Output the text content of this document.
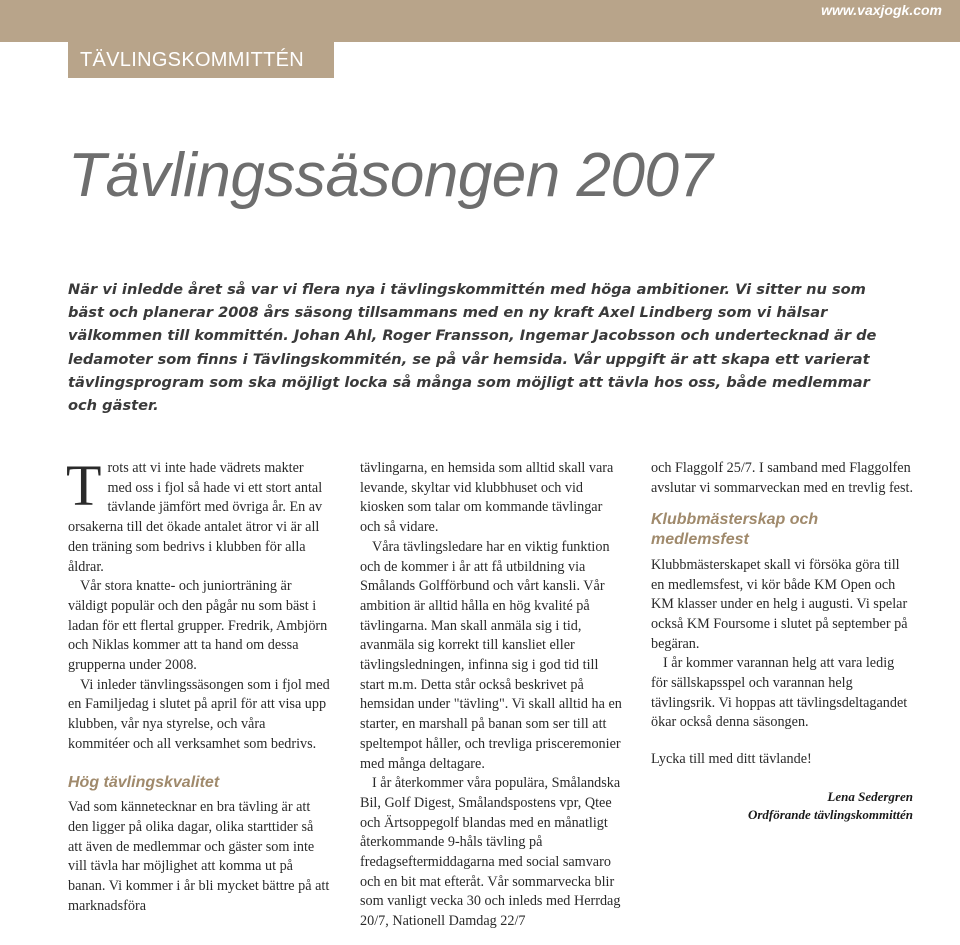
www.vaxjogk.com
TÄVLINGSKOMMITTÉN
Tävlingssäsongen 2007

När vi inledde året så var vi flera nya i tävlingskommittén med höga ambitioner. Vi sitter nu som bäst och planerar 2008 års säsong tillsammans med en ny kraft Axel Lindberg som vi hälsar välkommen till kommittén. Johan Ahl, Roger Fransson, Ingemar Jacobsson och undertecknad är de ledamoter som finns i Tävlingskommitén, se på vår hemsida. Vår uppgift är att skapa ett varierat tävlingsprogram som ska möjligt locka så många som möjligt att tävla hos oss, både medlemmar och gäster.

T rots att vi inte hade vädrets makter med oss i fjol så hade vi ett stort antal tävlande jämfört med övriga år. En av orsakerna till det ökade antalet ätror vi är all den träning som bedrivs i klubben för alla åldrar.

Vår stora knatte- och juniorträning är väldigt populär och den pågår nu som bäst i ladan för ett flertal grupper. Fredrik, Ambjörn och Niklas kommer att ta hand om dessa grupperna under 2008.

Vi inleder tänvlingssäsongen som i fjol med en Familjedag i slutet på april för att visa upp klubben, vår nya styrelse, och våra kommitéer och all verksamhet som bedrivs.

Hög tävlingskvalitet

Vad som kännetecknar en bra tävling är att den ligger på olika dagar, olika starttider så att även de medlemmar och gäster som inte vill tävla har möjlighet att komma ut på banan. Vi kommer i år bli mycket bättre på att marknadsföra

tävlingarna, en hemsida som alltid skall vara levande, skyltar vid klubbhuset och vid kiosken som talar om kommande tävlingar och så vidare.

Våra tävlingsledare har en viktig funktion och de kommer i år att få utbildning via Smålands Golfförbund och vårt kansli. Vår ambition är alltid hålla en hög kvalité på tävlingarna. Man skall anmäla sig i tid, avanmäla sig korrekt till kansliet eller tävlingsledningen, infinna sig i god tid till start m.m. Detta står också beskrivet på hemsidan under "tävling". Vi skall alltid ha en starter, en marshall på banan som ser till att speltempot håller, och trevliga prisceremonier med många deltagare.

I år återkommer våra populära, Smålandska Bil, Golf Digest, Smålandspostens vpr, Qtee och Ärtsoppegolf blandas med en månatligt återkommande 9-håls tävling på fredagseftermiddagarna med social samvaro och en bit mat efteråt. Vår sommarvecka blir som vanligt vecka 30 och inleds med Herrdag 20/7, Nationell Damdag 22/7

och Flaggolf 25/7. I samband med Flaggolfen avslutar vi sommarveckan med en trevlig fest.

Klubbmästerskap och medlemsfest

Klubbmästerskapet skall vi försöka göra till en medlemsfest, vi kör både KM Open och KM klasser under en helg i augusti. Vi spelar också KM Foursome i slutet på september på begäran.

I år kommer varannan helg att vara ledig för sällskapsspel och varannan helg tävlingsrik. Vi hoppas att tävlingsdeltagandet ökar också denna säsongen.

Lycka till med ditt tävlande!

Lena Sedergren
Ordförande tävlingskommittén
